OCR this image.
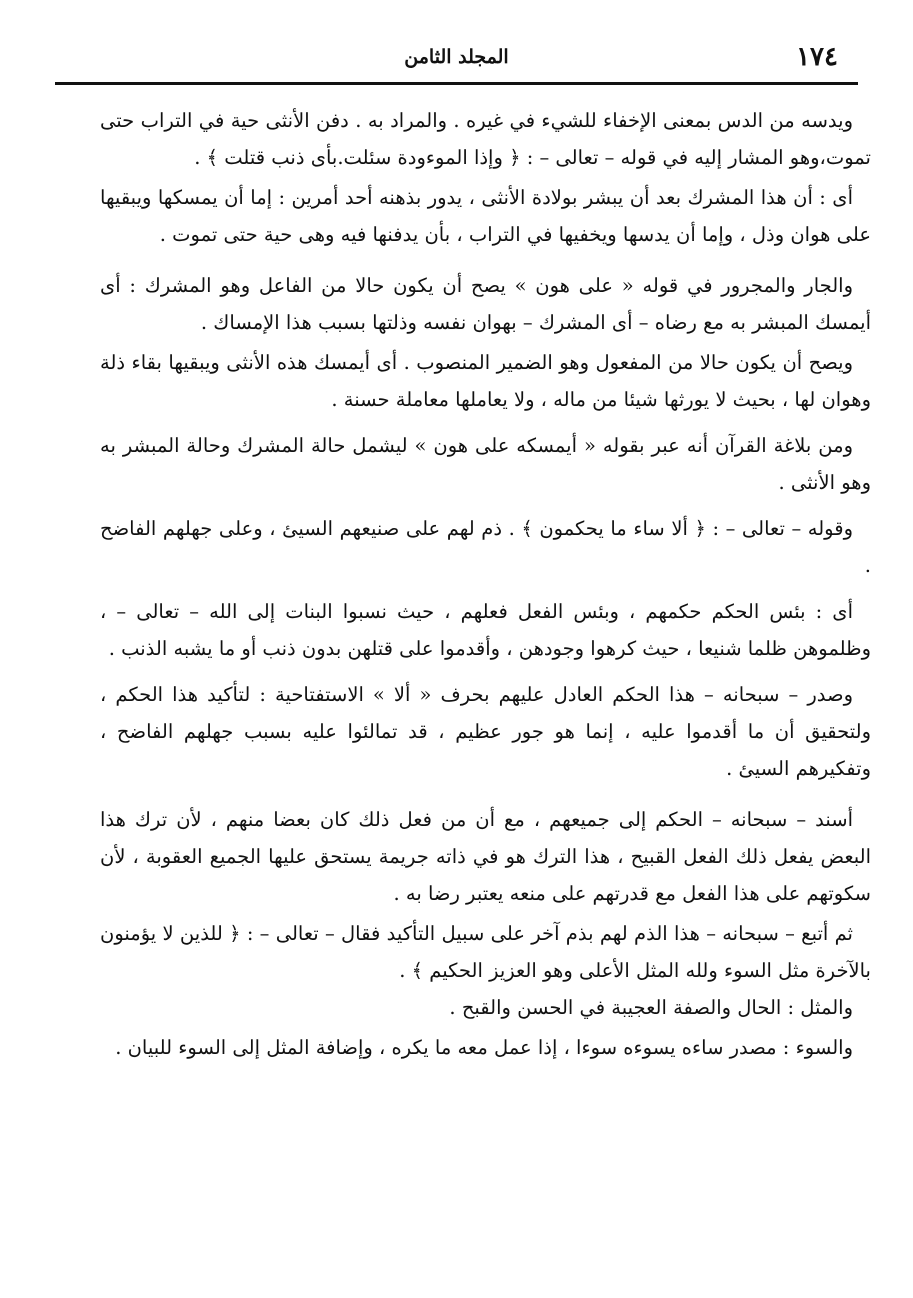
١٧٤
المجلد الثامن

ويدسه من الدس بمعنى الإخفاء للشيء في غيره . والمراد به . دفن الأنثى حية في التراب حتى تموت،وهو المشار إليه في قوله – تعالى – : ﴿ وإذا الموءودة سئلت.بأى ذنب قتلت ﴾ .

أى : أن هذا المشرك بعد أن يبشر بولادة الأنثى ، يدور بذهنه أحد أمرين : إما أن يمسكها ويبقيها على هوان وذل ، وإما أن يدسها ويخفيها في التراب ، بأن يدفنها فيه وهى حية حتى تموت .

والجار والمجرور في قوله « على هون » يصح أن يكون حالا من الفاعل وهو المشرك : أى أيمسك المبشر به مع رضاه – أى المشرك – بهوان نفسه وذلتها بسبب هذا الإمساك .

ويصح أن يكون حالا من المفعول وهو الضمير المنصوب . أى أيمسك هذه الأنثى ويبقيها بقاء ذلة وهوان لها ، بحيث لا يورثها شيئا من ماله ، ولا يعاملها معاملة حسنة .

ومن بلاغة القرآن أنه عبر بقوله « أيمسكه على هون » ليشمل حالة المشرك وحالة المبشر به وهو الأنثى .

وقوله – تعالى – : ﴿ ألا ساء ما يحكمون ﴾ . ذم لهم على صنيعهم السيئ ، وعلى جهلهم الفاضح .

أى : بئس الحكم حكمهم ، وبئس الفعل فعلهم ، حيث نسبوا البنات إلى الله – تعالى – ، وظلموهن ظلما شنيعا ، حيث كرهوا وجودهن ، وأقدموا على قتلهن بدون ذنب أو ما يشبه الذنب .

وصدر – سبحانه – هذا الحكم العادل عليهم بحرف « ألا » الاستفتاحية : لتأكيد هذا الحكم ، ولتحقيق أن ما أقدموا عليه ، إنما هو جور عظيم ، قد تمالئوا عليه بسبب جهلهم الفاضح ، وتفكيرهم السيئ .

أسند – سبحانه – الحكم إلى جميعهم ، مع أن من فعل ذلك كان بعضا منهم ، لأن ترك هذا البعض يفعل ذلك الفعل القبيح ، هذا الترك هو في ذاته جريمة يستحق عليها الجميع العقوبة ، لأن سكوتهم على هذا الفعل مع قدرتهم على منعه يعتبر رضا به .

ثم أتبع – سبحانه – هذا الذم لهم بذم آخر على سبيل التأكيد فقال – تعالى – : ﴿ للذين لا يؤمنون بالآخرة مثل السوء ولله المثل الأعلى وهو العزيز الحكيم ﴾ .

والمثل : الحال والصفة العجيبة في الحسن والقبح .

والسوء : مصدر ساءه يسوءه سوءا ، إذا عمل معه ما يكره ، وإضافة المثل إلى السوء للبيان .
